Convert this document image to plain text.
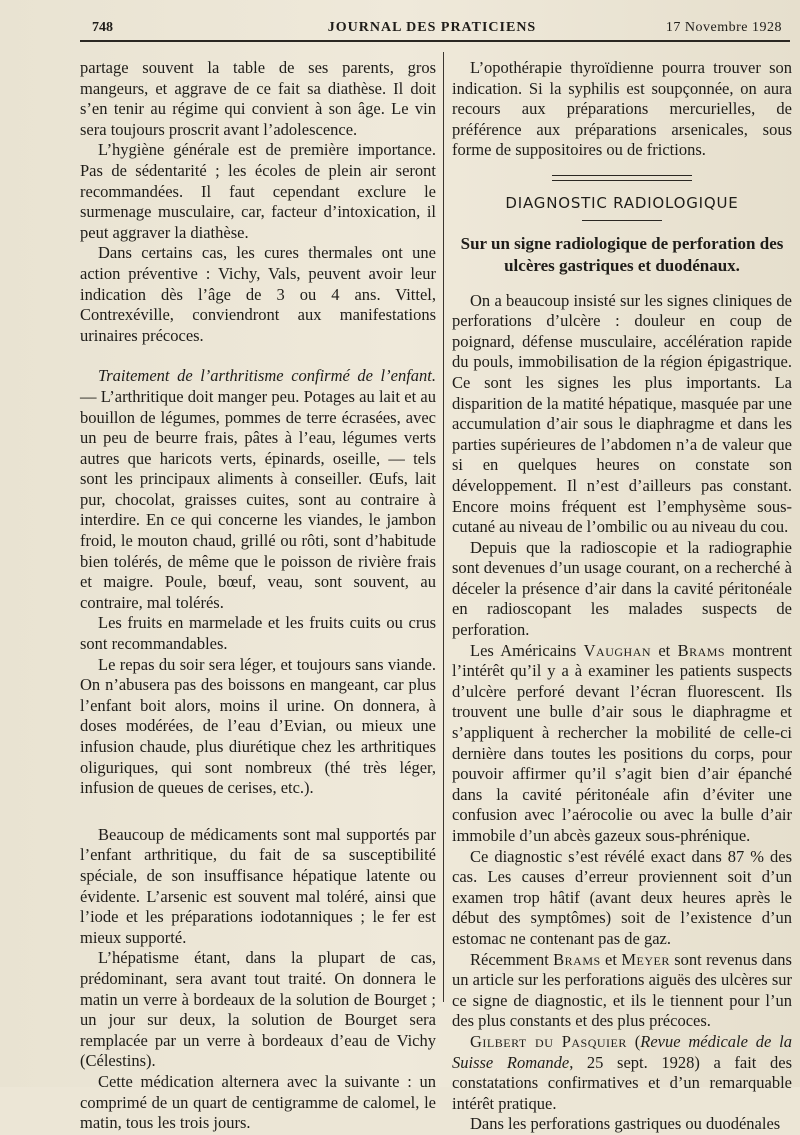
748	JOURNAL DES PRATICIENS	17 Novembre 1928

partage souvent la table de ses parents, gros mangeurs, et aggrave de ce fait sa diathèse. Il doit s’en tenir au régime qui convient à son âge. Le vin sera toujours proscrit avant l’adolescence.

L’hygiène générale est de première importance. Pas de sédentarité ; les écoles de plein air seront recommandées. Il faut cependant exclure le surmenage musculaire, car, facteur d’intoxication, il peut aggraver la diathèse.

Dans certains cas, les cures thermales ont une action préventive : Vichy, Vals, peuvent avoir leur indication dès l’âge de 3 ou 4 ans. Vittel, Contrexéville, conviendront aux manifestations urinaires précoces.

Traitement de l’arthritisme confirmé de l’enfant. — L’arthritique doit manger peu. Potages au lait et au bouillon de légumes, pommes de terre écrasées, avec un peu de beurre frais, pâtes à l’eau, légumes verts autres que haricots verts, épinards, oseille, — tels sont les principaux aliments à conseiller. Œufs, lait pur, chocolat, graisses cuites, sont au contraire à interdire. En ce qui concerne les viandes, le jambon froid, le mouton chaud, grillé ou rôti, sont d’habitude bien tolérés, de même que le poisson de rivière frais et maigre. Poule, bœuf, veau, sont souvent, au contraire, mal tolérés.

Les fruits en marmelade et les fruits cuits ou crus sont recommandables.

Le repas du soir sera léger, et toujours sans viande. On n’abusera pas des boissons en mangeant, car plus l’enfant boit alors, moins il urine. On donnera, à doses modérées, de l’eau d’Evian, ou mieux une infusion chaude, plus diurétique chez les arthritiques oliguriques, qui sont nombreux (thé très léger, infusion de queues de cerises, etc.).

Beaucoup de médicaments sont mal supportés par l’enfant arthritique, du fait de sa susceptibilité spéciale, de son insuffisance hépatique latente ou évidente. L’arsenic est souvent mal toléré, ainsi que l’iode et les préparations iodotanniques ; le fer est mieux supporté.

L’hépatisme étant, dans la plupart de cas, prédominant, sera avant tout traité. On donnera le matin un verre à bordeaux de la solution de Bourget ; un jour sur deux, la solution de Bourget sera remplacée par un verre à bordeaux d’eau de Vichy (Célestins).

Cette médication alternera avec la suivante : un comprimé de un quart de centigramme de calomel, le matin, tous les trois jours.

L’opothérapie thyroïdienne pourra trouver son indication. Si la syphilis est soupçonnée, on aura recours aux préparations mercurielles, de préférence aux préparations arsenicales, sous forme de suppositoires ou de frictions.

DIAGNOSTIC RADIOLOGIQUE
Sur un signe radiologique de perforation des ulcères gastriques et duodénaux.

On a beaucoup insisté sur les signes cliniques de perforations d’ulcère : douleur en coup de poignard, défense musculaire, accélération rapide du pouls, immobilisation de la région épigastrique. Ce sont les signes les plus importants. La disparition de la matité hépatique, masquée par une accumulation d’air sous le diaphragme et dans les parties supérieures de l’abdomen n’a de valeur que si en quelques heures on constate son développement. Il n’est d’ailleurs pas constant. Encore moins fréquent est l’emphysème sous-cutané au niveau de l’ombilic ou au niveau du cou.

Depuis que la radioscopie et la radiographie sont devenues d’un usage courant, on a recherché à déceler la présence d’air dans la cavité péritonéale en radioscopant les malades suspects de perforation.

Les Américains Vaughan et Brams montrent l’intérêt qu’il y a à examiner les patients suspects d’ulcère perforé devant l’écran fluorescent. Ils trouvent une bulle d’air sous le diaphragme et s’appliquent à rechercher la mobilité de celle-ci dernière dans toutes les positions du corps, pour pouvoir affirmer qu’il s’agit bien d’air épanché dans la cavité péritonéale afin d’éviter une confusion avec l’aérocolie ou avec la bulle d’air immobile d’un abcès gazeux sous-phrénique.

Ce diagnostic s’est révélé exact dans 87 % des cas. Les causes d’erreur proviennent soit d’un examen trop hâtif (avant deux heures après le début des symptômes) soit de l’existence d’un estomac ne contenant pas de gaz.

Récemment Brams et Meyer sont revenus dans un article sur les perforations aiguës des ulcères sur ce signe de diagnostic, et ils le tiennent pour l’un des plus constants et des plus précoces.

Gilbert du Pasquier (Revue médicale de la Suisse Romande, 25 sept. 1928) a fait des constatations confirmatives et d’un remarquable intérêt pratique.

Dans les perforations gastriques ou duodénales
